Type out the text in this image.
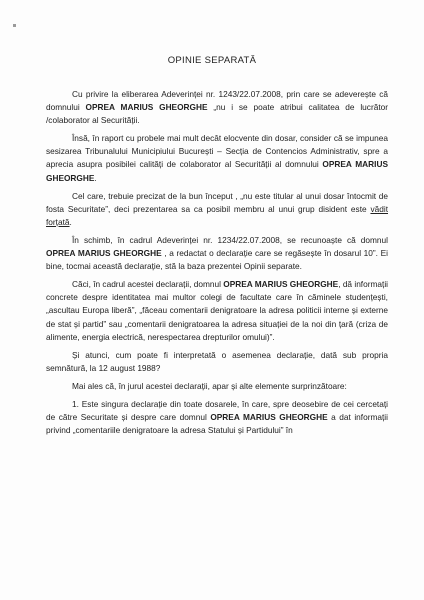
OPINIE SEPARATĂ

Cu privire la eliberarea Adeverinței nr. 1243/22.07.2008, prin care se adeverește că domnului OPREA MARIUS GHEORGHE „nu i se poate atribui calitatea de lucrător /colaborator al Securității.

Însă, în raport cu probele mai mult decât elocvente din dosar, consider că se impunea sesizarea Tribunalului Municipiului București – Secția de Contencios Administrativ, spre a aprecia asupra posibilei calități de colaborator al Securității al domnului OPREA MARIUS GHEORGHE.

Cel care, trebuie precizat de la bun început , „nu este titular al unui dosar întocmit de fosta Securitate”, deci prezentarea sa ca posibil membru al unui grup disident este vădit forțată.

În schimb, în cadrul Adeverinței nr. 1234/22.07.2008, se recunoaște că domnul OPREA MARIUS GHEORGHE , a redactat o declarație care se regăsește în dosarul 10”. Ei bine, tocmai această declarație, stă la baza prezentei Opinii separate.

Căci, în cadrul acestei declarații, domnul OPREA MARIUS GHEORGHE, dă informații concrete despre identitatea mai multor colegi de facultate care în căminele studențești, „ascultau Europa liberă”, „făceau comentarii denigratoare la adresa politicii interne și externe de stat și partid” sau „comentarii denigratoarea la adresa situației de la noi din țară (criza de alimente, energia electrică, nerespectarea drepturilor omului)”.

Și atunci, cum poate fi interpretată o asemenea declarație, dată sub propria semnătură, la 12 august 1988?

Mai ales că, în jurul acestei declarații, apar și alte elemente surprinzătoare:

1. Este singura declarație din toate dosarele, în care, spre deosebire de cei cercetați de către Securitate și despre care domnul OPREA MARIUS GHEORGHE a dat informații privind „comentariile denigratoare la adresa Statului și Partidului” în
